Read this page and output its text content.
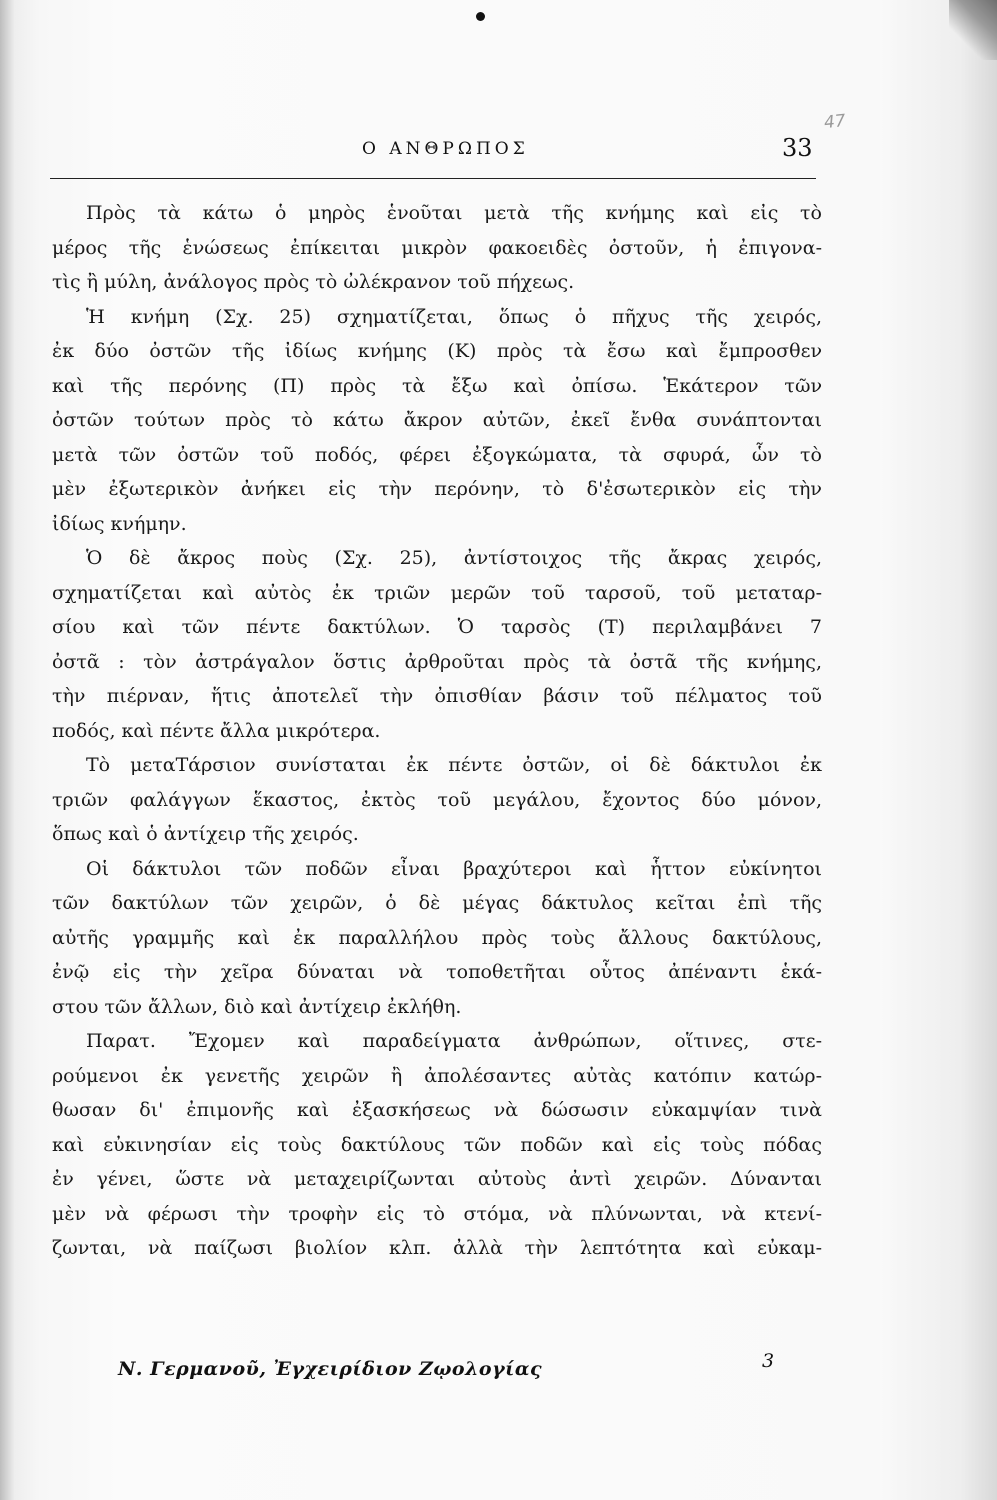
Ο ΑΝΘΡΩΠΟΣ	33
47
Πρὸς τὰ κάτω ὁ μηρὸς ἑνοῦται μετὰ τῆς κνήμης καὶ εἰς τὸ
μέρος τῆς ἑνώσεως ἐπίκειται μικρὸν φακοειδὲς ὀστοῦν, ἡ ἐπιγονα-
τὶς ἢ μύλη, ἀνάλογος πρὸς τὸ ὠλέκρανον τοῦ πήχεως.
Ἡ κνήμη (Σχ. 25) σχηματίζεται, ὅπως ὁ πῆχυς τῆς χειρός,
ἐκ δύο ὀστῶν τῆς ἰδίως κνήμης (Κ) πρὸς τὰ ἔσω καὶ ἔμπροσθεν
καὶ τῆς περόνης (Π) πρὸς τὰ ἔξω καὶ ὀπίσω. Ἑκάτερον τῶν
ὀστῶν τούτων πρὸς τὸ κάτω ἄκρον αὐτῶν, ἐκεῖ ἔνθα συνάπτονται
μετὰ τῶν ὀστῶν τοῦ ποδός, φέρει ἐξογκώματα, τὰ σφυρά, ὧν τὸ
μὲν ἐξωτερικὸν ἀνήκει εἰς τὴν περόνην, τὸ δ'ἐσωτερικὸν εἰς τὴν
ἰδίως κνήμην.
Ὁ δὲ ἄκρος ποὺς (Σχ. 25), ἀντίστοιχος τῆς ἄκρας χειρός,
σχηματίζεται καὶ αὐτὸς ἐκ τριῶν μερῶν τοῦ ταρσοῦ, τοῦ μεταταρ-
σίου καὶ τῶν πέντε δακτύλων. Ὁ ταρσὸς (Τ) περιλαμβάνει 7
ὀστᾶ : τὸν ἀστράγαλον ὅστις ἀρθροῦται πρὸς τὰ ὀστᾶ τῆς κνήμης,
τὴν πιέρναν, ἥτις ἀποτελεῖ τὴν ὀπισθίαν βάσιν τοῦ πέλματος τοῦ
ποδός, καὶ πέντε ἄλλα μικρότερα.
Τὸ μεταTάρσιον συνίσταται ἐκ πέντε ὀστῶν, οἱ δὲ δάκτυλοι ἐκ
τριῶν φαλάγγων ἕκαστος, ἐκτὸς τοῦ μεγάλου, ἔχοντος δύο μόνον,
ὅπως καὶ ὁ ἀντίχειρ τῆς χειρός.
Οἱ δάκτυλοι τῶν ποδῶν εἶναι βραχύτεροι καὶ ἧττον εὐκίνητοι
τῶν δακτύλων τῶν χειρῶν, ὁ δὲ μέγας δάκτυλος κεῖται ἐπὶ τῆς
αὐτῆς γραμμῆς καὶ ἐκ παραλλήλου πρὸς τοὺς ἄλλους δακτύλους,
ἐνῷ εἰς τὴν χεῖρα δύναται νὰ τοποθετῆται οὗτος ἀπέναντι ἑκά-
στου τῶν ἄλλων, διὸ καὶ ἀντίχειρ ἐκλήθη.
Παρατ. Ἔχομεν καὶ παραδείγματα ἀνθρώπων, οἵτινες, στε-
ρούμενοι ἐκ γενετῆς χειρῶν ἢ ἀπολέσαντες αὐτὰς κατόπιν κατώρ-
θωσαν δι' ἐπιμονῆς καὶ ἐξασκήσεως νὰ δώσωσιν εὐκαμψίαν τινὰ
καὶ εὐκινησίαν εἰς τοὺς δακτύλους τῶν ποδῶν καὶ εἰς τοὺς πόδας
ἐν γένει, ὥστε νὰ μεταχειρίζωνται αὐτοὺς ἀντὶ χειρῶν. Δύνανται
μὲν νὰ φέρωσι τὴν τροφὴν εἰς τὸ στόμα, νὰ πλύνωνται, νὰ κτενί-
ζωνται, νὰ παίζωσι βιολίον κλπ. ἀλλὰ τὴν λεπτότητα καὶ εὐκαμ-
Ν. Γερμανοῦ, Ἐγχειρίδιον Ζῳολογίας	3
